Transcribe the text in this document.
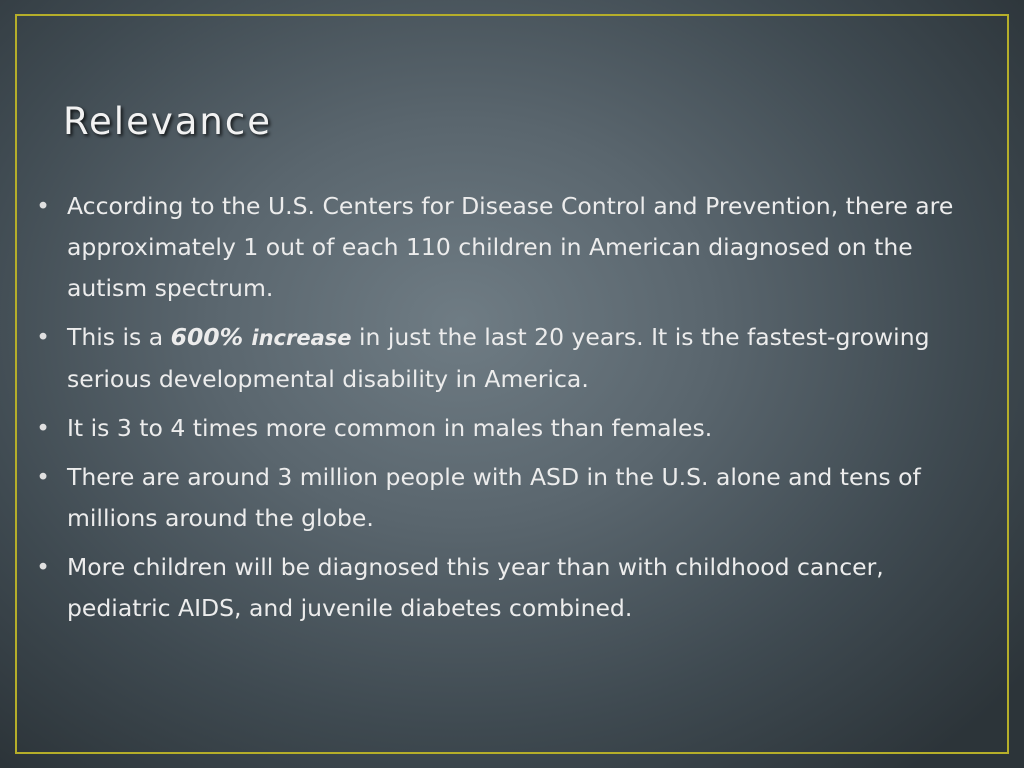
Relevance
• According to the U.S. Centers for Disease Control and Prevention, there are approximately 1 out of each 110 children in American diagnosed on the autism spectrum.
• This is a 600% increase in just the last 20 years. It is the fastest-growing serious developmental disability in America.
• It is 3 to 4 times more common in males than females.
• There are around 3 million people with ASD in the U.S. alone and tens of millions around the globe.
• More children will be diagnosed this year than with childhood cancer, pediatric AIDS, and juvenile diabetes combined.
